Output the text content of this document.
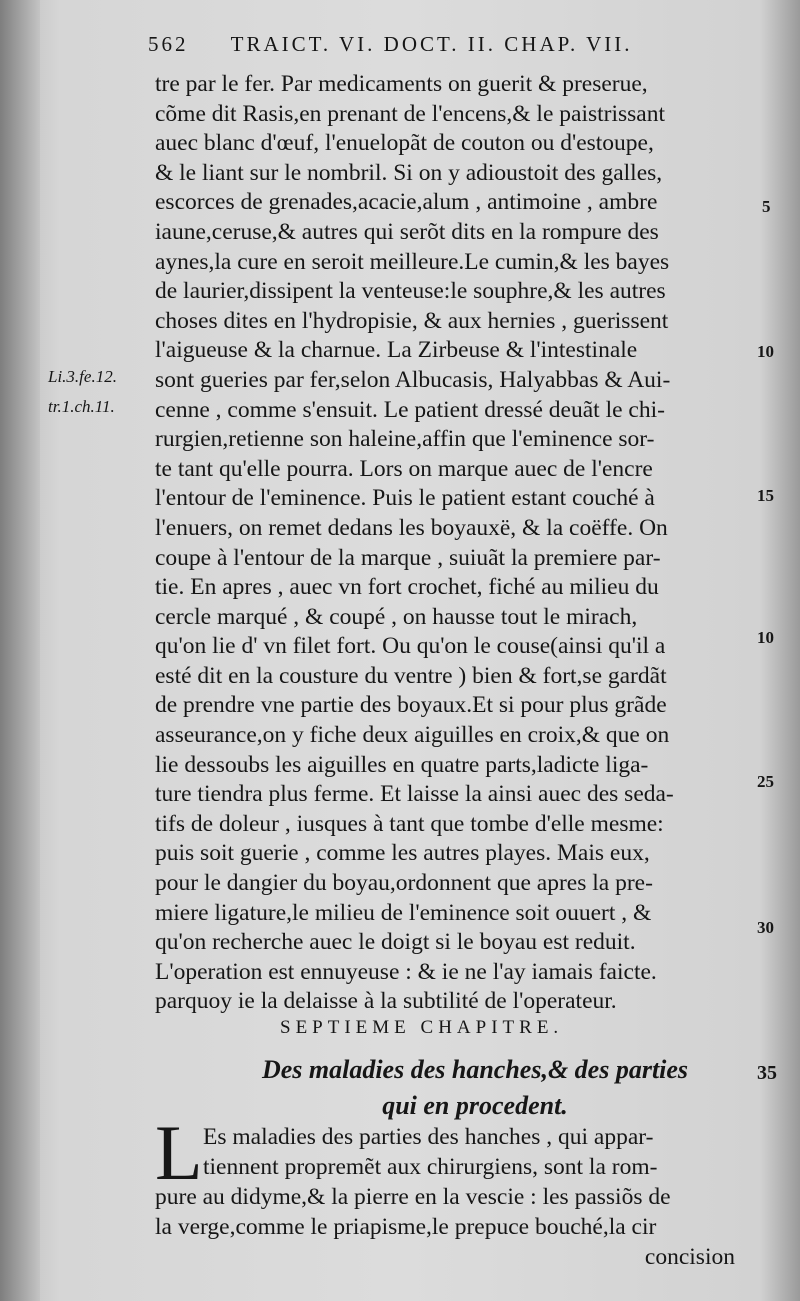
562 TRAICT. VI. DOCT. II. CHAP. VII.
tre par le fer. Par medicaments on guerit & preserue,
cõme dit Rasis,en prenant de l'encens,& le paistrissant
auec blanc d'œuf, l'enuelopãt de couton ou d'estoupe,
& le liant sur le nombril. Si on y adioustoit des galles,
escorces de grenades,acacie,alum , antimoine , ambre
iaune,ceruse,& autres qui serõt dits en la rompure des
aynes,la cure en seroit meilleure.Le cumin,& les bayes
de laurier,dissipent la venteuse:le souphre,& les autres
choses dites en l'hydropisie, & aux hernies , guerissent
l'aigueuse & la charnue. La Zirbeuse & l'intestinale
sont gueries par fer,selon Albucasis, Halyabbas & Aui-
cenne , comme s'ensuit. Le patient dressé deuãt le chi-
rurgien,retienne son haleine,affin que l'eminence sor-
te tant qu'elle pourra. Lors on marque auec de l'encre
l'entour de l'eminence. Puis le patient estant couché à
l'enuers, on remet dedans les boyauxë, & la coëffe. On
coupe à l'entour de la marque , suiuãt la premiere par-
tie. En apres , auec vn fort crochet, fiché au milieu du
cercle marqué , & coupé , on hausse tout le mirach,
qu'on lie d' vn filet fort. Ou qu'on le couse(ainsi qu'il a
esté dit en la cousture du ventre ) bien & fort,se gardãt
de prendre vne partie des boyaux.Et si pour plus grãde
asseurance,on y fiche deux aiguilles en croix,& que on
lie dessoubs les aiguilles en quatre parts,ladicte liga-
ture tiendra plus ferme. Et laisse la ainsi auec des seda-
tifs de doleur , iusques à tant que tombe d'elle mesme:
puis soit guerie , comme les autres playes. Mais eux,
pour le dangier du boyau,ordonnent que apres la pre-
miere ligature,le milieu de l'eminence soit ouuert , &
qu'on recherche auec le doigt si le boyau est reduit.
L'operation est ennuyeuse : & ie ne l'ay iamais faicte.
parquoy ie la delaisse à la subtilité de l'operateur.
Li.3.fe.12.
tr.1.ch.11.
5
10
15
10
25
30
35
SEPTIEME CHAPITRE.
Des maladies des hanches,& des parties
qui en procedent.
L Es maladies des parties des hanches , qui appar-
tiennent propremẽt aux chirurgiens, sont la rom-
pure au didyme,& la pierre en la vescie : les passiõs de
la verge,comme le priapisme,le prepuce bouché,la cir
concision
